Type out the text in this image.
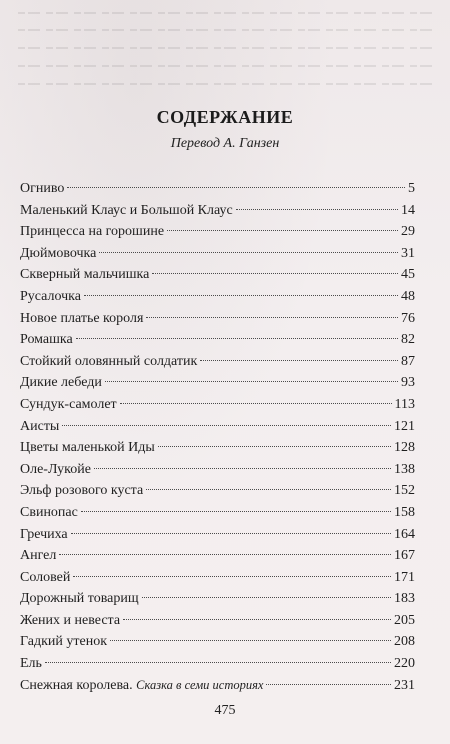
СОДЕРЖАНИЕ
Перевод А. Ганзен
Огниво	5
Маленький Клаус и Большой Клаус	14
Принцесса на горошине	29
Дюймовочка	31
Скверный мальчишка	45
Русалочка	48
Новое платье короля	76
Ромашка	82
Стойкий оловянный солдатик	87
Дикие лебеди	93
Сундук-самолет	113
Аисты	121
Цветы маленькой Иды	128
Оле-Лукойе	138
Эльф розового куста	152
Свинопас	158
Гречиха	164
Ангел	167
Соловей	171
Дорожный товарищ	183
Жених и невеста	205
Гадкий утенок	208
Ель	220
Снежная королева. Сказка в семи историях	231
475
